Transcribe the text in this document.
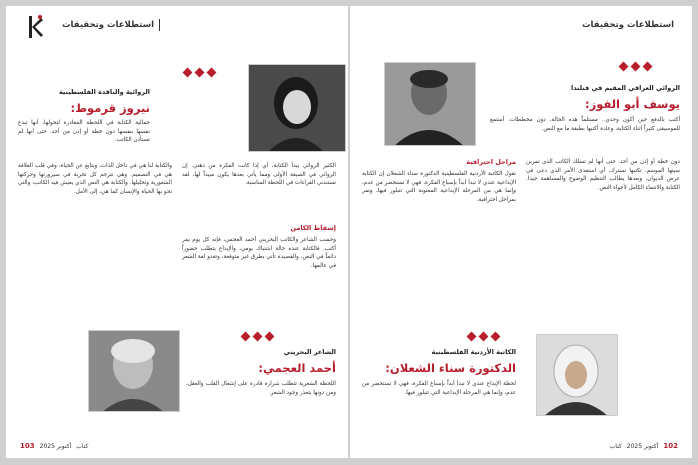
استطلاعات وتحقيقات
الروائية والناقدة الفلسطينية
نيروز قرموط:
جمالية الكتابة في اللحظة المغادرة لتحولها، أنها تبدع نفسها بنفسها دون خطة أو إذن من أحد. حتى أنها لم تستأذن الكاتب.
والكتابة لنا هي في داخل الذات، وبتابع عن الحياة، وفي قلب العلاقة هي في التصميم. وهي تترجم كل تجربة في سيرورتها وحركتها الشعورية وتحليلها. والكتابة هي النص الذي يعيش فيه الكاتب، والتي نحو بها الحياة والإنسان كما هي، إلى الأمل.
الكثير الروائي يبدأ الكتابة، أي إذا كانت الفكرة من ذهني. إن الروائي في الصيغة الأولى ومما يأتي بعدها يكون مبيداً لها، لقد تستندني القراءات في اللحظة المناسبة.
إسقاط الكامن
وحسب الشاعر والكاتب البحريني أحمد العجمي، فإنه كل يوم يمر أكتب. فالكتابة عنده حالة اشتباك يومي، والإبداع يتطلب حضوراً دائماً في النص، والقصيدة تأتي بطرق غير متوقعة، وتغدو لغة الشعر في عالمها.
الشاعر البحريني
أحمد العجمي:
اللحظة الشعرية تتطلب شرارة قادرة على إشعال القلب والعقل، ومن دونها يتعذر وجود الشعر.
103 أكتوبر 2025 كتاب
استطلاعات وتحقيقات
الروائي العراقي المقيم في فنلندا
يوسف أبو الفوز:
أكتب بالدفع حين أكون وحدي.. مستلماً هذه الحالة، دون مخططات. أستمع للموسيقى كثيراً أثناء الكتابة، وعادة أكتبها بطبقة ما مع النص.
دون خطة أو إذن من أحد. حتى أنها لم تسلك الكاتب الذي تمرين سينها الموسم. تكتبها تسترك، أي استعدى الأمر الذي دعى في عرض الديوان، وبعدها يطالب التنظيم الوضوح والمساهمة جيدا. الكتابة والانتماء الكامل لأجواء النص.
مراحل احترافية
تقول الكاتبة الأردنية الفلسطينية الدكتورة سناء الشعلان إن الكتابة الإبداعية عندي لا تبدأ أبداً بإسباغ الفكرة، فهي لا تستحضر من عدم، وإنما هي من المرحلة الإبداعية المعنونة التي تتبلور فيها، وتمر بمراحل احترافية.
الكاتبة الأردنية الفلسطينية
الدكتورة سناء الشعلان:
لحظة الإبداع عندي لا تبدأ أبداً بإسباغ الفكرة، فهي لا تستحضر من عدم، وإنما هي المرحلة الإبداعية التي تتبلور فيها.
كتاب أكتوبر 2025 102
